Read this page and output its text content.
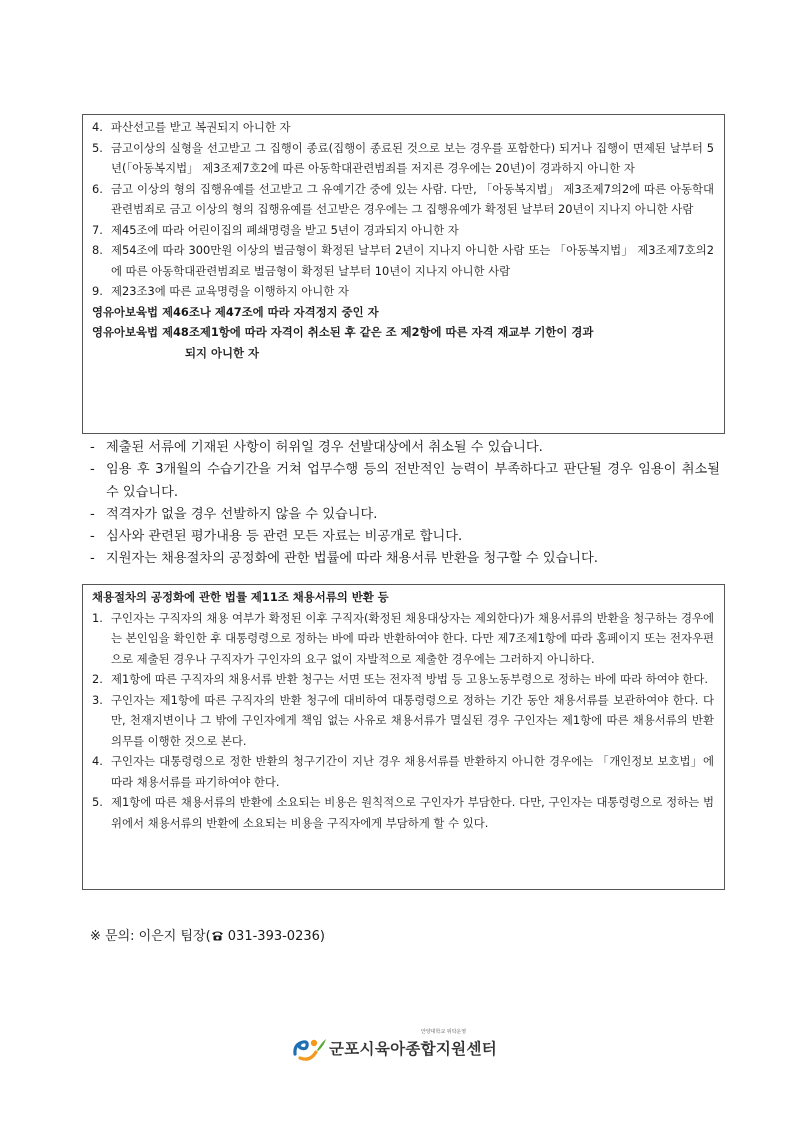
4. 파산선고를 받고 복권되지 아니한 자
5. 금고이상의 실형을 선고받고 그 집행이 종료(집행이 종료된 것으로 보는 경우를 포함한다) 되거나 집행이 면제된 날부터 5년(「아동복지법」 제3조제7호2에 따른 아동학대관련범죄를 저지른 경우에는 20년)이 경과하지 아니한 자
6. 금고 이상의 형의 집행유예를 선고받고 그 유예기간 중에 있는 사람. 다만, 「아동복지법」 제3조제7의2에 따른 아동학대관련범죄로 금고 이상의 형의 집행유예를 선고받은 경우에는 그 집행유예가 확정된 날부터 20년이 지나지 아니한 사람
7. 제45조에 따라 어린이집의 폐쇄명령을 받고 5년이 경과되지 아니한 자
8. 제54조에 따라 300만원 이상의 벌금형이 확정된 날부터 2년이 지나지 아니한 사람 또는 「아동복지법」 제3조제7호의2에 따른 아동학대관련범죄로 벌금형이 확정된 날부터 10년이 지나지 아니한 사람
9. 제23조3에 따른 교육명령을 이행하지 아니한 자
영유아보육법 제46조나 제47조에 따라 자격정지 중인 자
영유아보육법 제48조제1항에 따라 자격이 취소된 후 같은 조 제2항에 따른 자격 재교부 기한이 경과
되지 아니한 자
- 제출된 서류에 기재된 사항이 허위일 경우 선발대상에서 취소될 수 있습니다.
- 임용 후 3개월의 수습기간을 거쳐 업무수행 등의 전반적인 능력이 부족하다고 판단될 경우 임용이 취소될 수 있습니다.
- 적격자가 없을 경우 선발하지 않을 수 있습니다.
- 심사와 관련된 평가내용 등 관련 모든 자료는 비공개로 합니다.
- 지원자는 채용절차의 공정화에 관한 법률에 따라 채용서류 반환을 청구할 수 있습니다.
채용절차의 공정화에 관한 법률 제11조 채용서류의 반환 등
1. 구인자는 구직자의 채용 여부가 확정된 이후 구직자(확정된 채용대상자는 제외한다)가 채용서류의 반환을 청구하는 경우에는 본인임을 확인한 후 대통령령으로 정하는 바에 따라 반환하여야 한다. 다만 제7조제1항에 따라 홈페이지 또는 전자우편으로 제출된 경우나 구직자가 구인자의 요구 없이 자발적으로 제출한 경우에는 그러하지 아니하다.
2. 제1항에 따른 구직자의 채용서류 반환 청구는 서면 또는 전자적 방법 등 고용노동부령으로 정하는 바에 따라 하여야 한다.
3. 구인자는 제1항에 따른 구직자의 반환 청구에 대비하여 대통령령으로 정하는 기간 동안 채용서류를 보관하여야 한다. 다만, 천재지변이나 그 밖에 구인자에게 책임 없는 사유로 채용서류가 멸실된 경우 구인자는 제1항에 따른 채용서류의 반환 의무를 이행한 것으로 본다.
4. 구인자는 대통령령으로 정한 반환의 청구기간이 지난 경우 채용서류를 반환하지 아니한 경우에는 「개인정보 보호법」에 따라 채용서류를 파기하여야 한다.
5. 제1항에 따른 채용서류의 반환에 소요되는 비용은 원칙적으로 구인자가 부담한다. 다만, 구인자는 대통령령으로 정하는 범위에서 채용서류의 반환에 소요되는 비용을 구직자에게 부담하게 할 수 있다.
※ 문의: 이은지 팀장( 031-393-0236)
안양대학교 위탁운영
군포시육아종합지원센터
